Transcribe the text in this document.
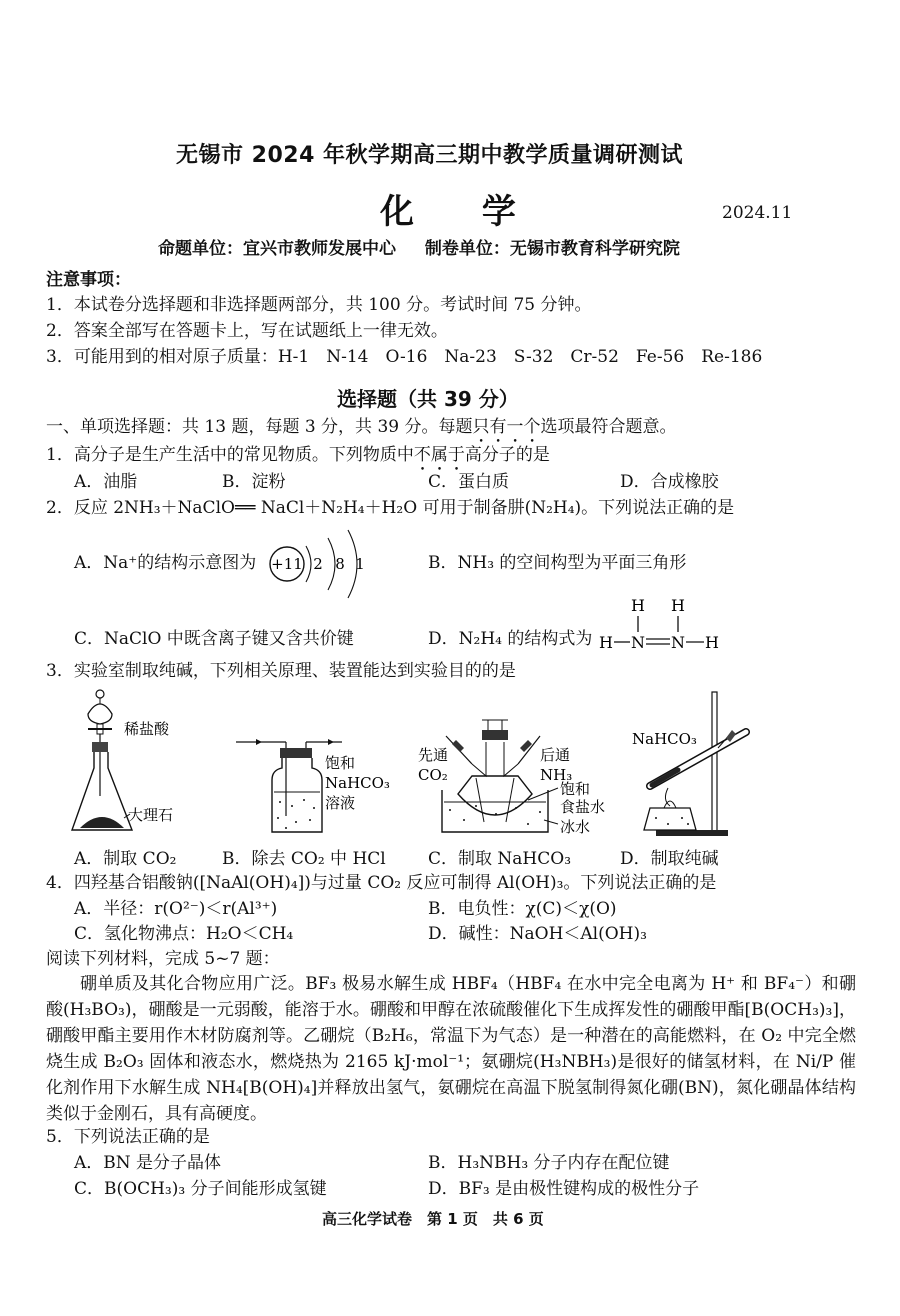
无锡市 2024 年秋学期高三期中教学质量调研测试
化 学	2024.11
命题单位：宜兴市教师发展中心 　 制卷单位：无锡市教育科学研究院
注意事项：
1．本试卷分选择题和非选择题两部分，共 100 分。考试时间 75 分钟。
2．答案全部写在答题卡上，写在试题纸上一律无效。
3．可能用到的相对原子质量：H-1　N-14　O-16　Na-23　S-32　Cr-52　Fe-56　Re-186
选择题（共 39 分）
一、单项选择题：共 13 题，每题 3 分，共 39 分。每题只有一个选项最符合题意。
1．高分子是生产生活中的常见物质。下列物质中不属于高分子的是
A．油脂	B．淀粉	C．蛋白质	D．合成橡胶
2．反应 2NH₃＋NaClO══ NaCl＋N₂H₄＋H₂O 可用于制备肼(N₂H₄)。下列说法正确的是
A．Na⁺的结构示意图为 +11 2 8 1	B．NH₃ 的空间构型为平面三角形
C．NaClO 中既含离子键又含共价键	D．N₂H₄ 的结构式为
H H
H N N H
3．实验室制取纯碱，下列相关原理、装置能达到实验目的的是
稀盐酸
大理石
饱和
NaHCO₃
溶液
先通
CO₂
后通
NH₃
饱和
食盐水
冰水
NaHCO₃
A．制取 CO₂	B．除去 CO₂ 中 HCl C．制取 NaHCO₃	D．制取纯碱
4．四羟基合铝酸钠([NaAl(OH)₄])与过量 CO₂ 反应可制得 Al(OH)₃。下列说法正确的是
A．半径：r(O²⁻)＜r(Al³⁺)	B．电负性：χ(C)＜χ(O)
C．氢化物沸点：H₂O＜CH₄	D．碱性：NaOH＜Al(OH)₃
阅读下列材料，完成 5~7 题：
硼单质及其化合物应用广泛。BF₃ 极易水解生成 HBF₄（HBF₄ 在水中完全电离为 H⁺ 和 BF₄⁻）和硼酸(H₃BO₃)，硼酸是一元弱酸，能溶于水。硼酸和甲醇在浓硫酸催化下生成挥发性的硼酸甲酯[B(OCH₃)₃]，硼酸甲酯主要用作木材防腐剂等。乙硼烷（B₂H₆，常温下为气态）是一种潜在的高能燃料，在 O₂ 中完全燃烧生成 B₂O₃ 固体和液态水，燃烧热为 2165 kJ·mol⁻¹；氨硼烷(H₃NBH₃)是很好的储氢材料，在 Ni/P 催化剂作用下水解生成 NH₄[B(OH)₄]并释放出氢气，氨硼烷在高温下脱氢制得氮化硼(BN)，氮化硼晶体结构类似于金刚石，具有高硬度。
5．下列说法正确的是
A．BN 是分子晶体	B．H₃NBH₃ 分子内存在配位键
C．B(OCH₃)₃ 分子间能形成氢键	D．BF₃ 是由极性键构成的极性分子
高三化学试卷　第 1 页　共 6 页
